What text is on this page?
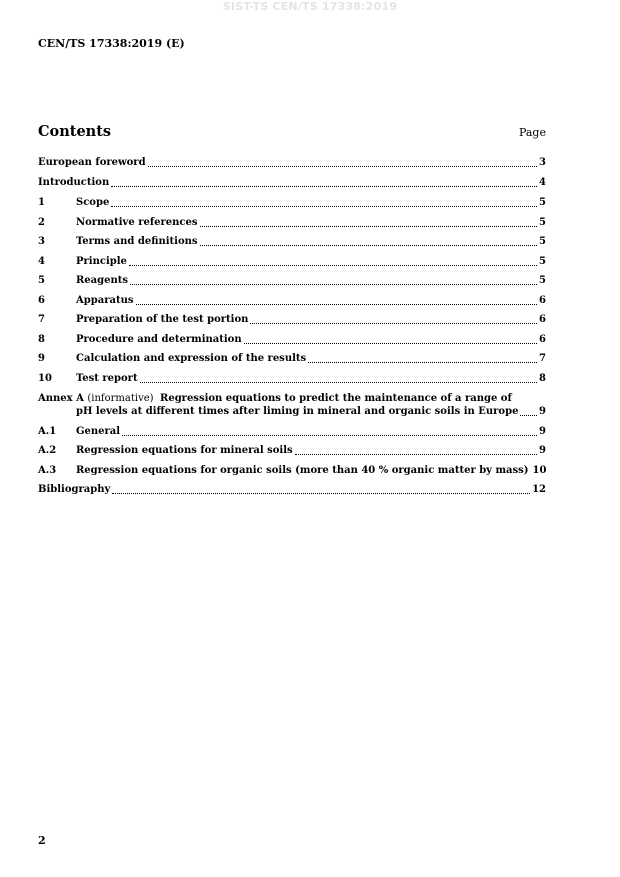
SIST-TS CEN/TS 17338:2019
CEN/TS 17338:2019 (E)
Contents	Page
European foreword	3
Introduction	4
1	Scope	5
2	Normative references	5
3	Terms and definitions	5
4	Principle	5
5	Reagents	5
6	Apparatus	6
7	Preparation of the test portion	6
8	Procedure and determination	6
9	Calculation and expression of the results	7
10	Test report	8
Annex A (informative) Regression equations to predict the maintenance of a range of
pH levels at different times after liming in mineral and organic soils in Europe 9
A.1	General	9
A.2	Regression equations for mineral soils	9
A.3	Regression equations for organic soils (more than 40 % organic matter by mass) 10
Bibliography	12
2
